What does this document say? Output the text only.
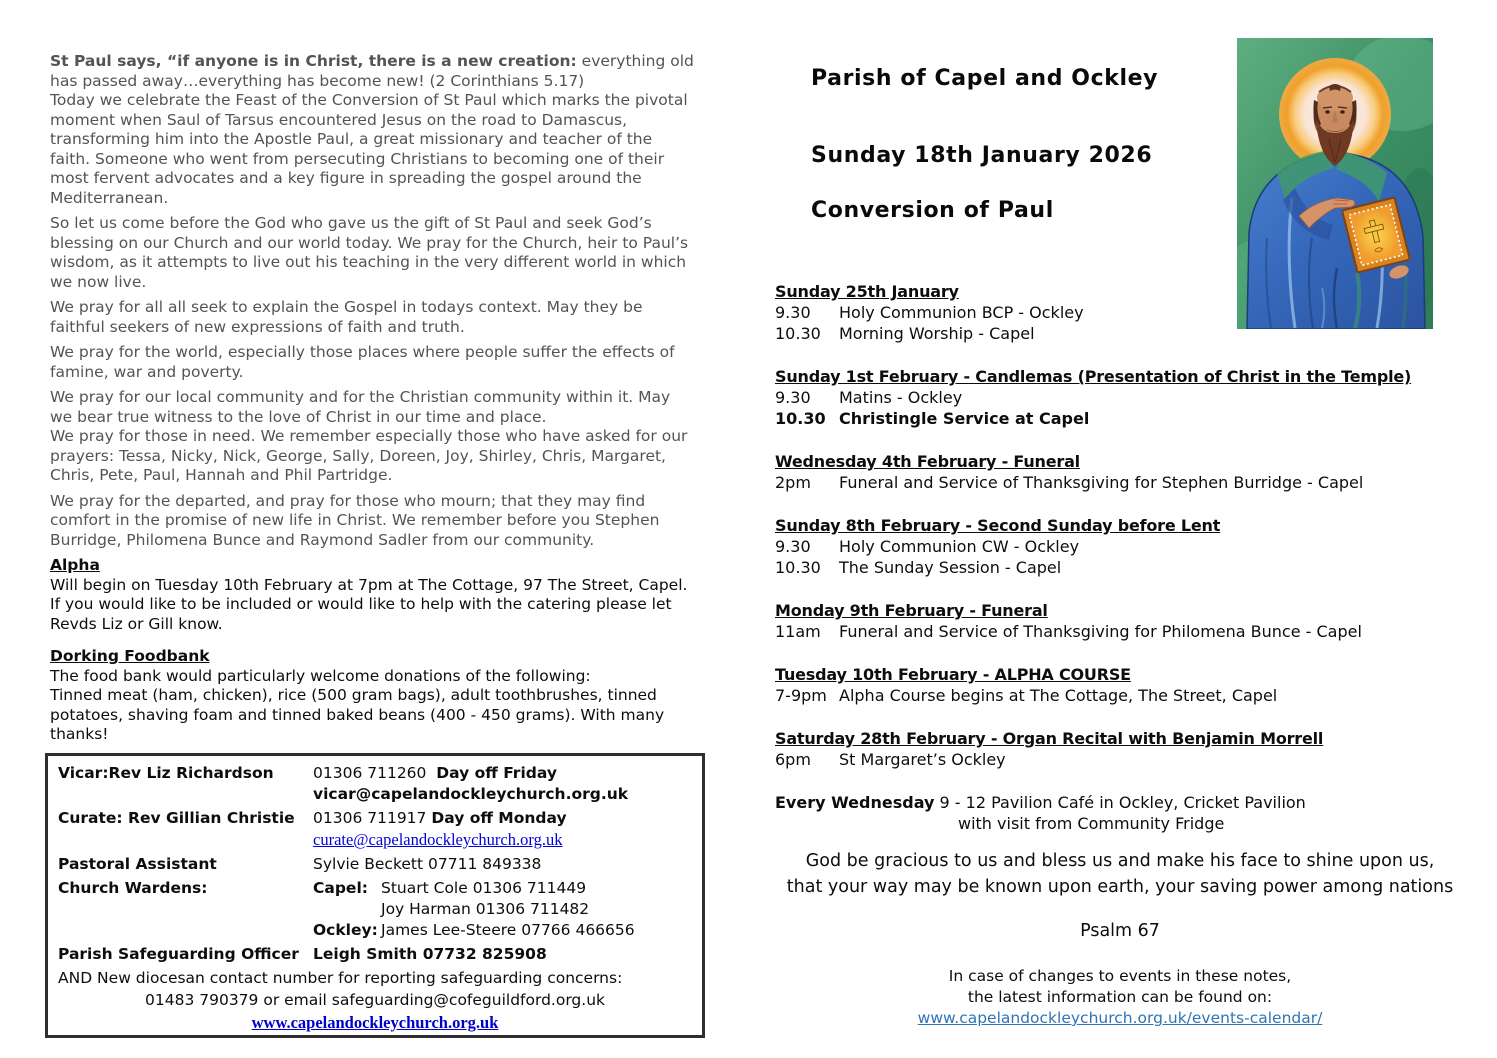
St Paul says, “if anyone is in Christ, there is a new creation: everything old has passed away…everything has become new! (2 Corinthians 5.17)
Today we celebrate the Feast of the Conversion of St Paul which marks the pivotal moment when Saul of Tarsus encountered Jesus on the road to Damascus, transforming him into the Apostle Paul, a great missionary and teacher of the faith. Someone who went from persecuting Christians to becoming one of their most fervent advocates and a key figure in spreading the gospel around the Mediterranean.

So let us come before the God who gave us the gift of St Paul and seek God’s blessing on our Church and our world today. We pray for the Church, heir to Paul’s wisdom, as it attempts to live out his teaching in the very different world in which we now live.

We pray for all all seek to explain the Gospel in todays context. May they be faithful seekers of new expressions of faith and truth.

We pray for the world, especially those places where people suffer the effects of famine, war and poverty.

We pray for our local community and for the Christian community within it. May we bear true witness to the love of Christ in our time and place.

We pray for those in need. We remember especially those who have asked for our prayers: Tessa, Nicky, Nick, George, Sally, Doreen, Joy, Shirley, Chris, Margaret, Chris, Pete, Paul, Hannah and Phil Partridge.

We pray for the departed, and pray for those who mourn; that they may find comfort in the promise of new life in Christ. We remember before you Stephen Burridge, Philomena Bunce and Raymond Sadler from our community.

Alpha

Will begin on Tuesday 10th February at 7pm at The Cottage, 97 The Street, Capel. If you would like to be included or would like to help with the catering please let Revds Liz or Gill know.

Dorking Foodbank

The food bank would particularly welcome donations of the following:

Tinned meat (ham, chicken), rice (500 gram bags), adult toothbrushes, tinned potatoes, shaving foam and tinned baked beans (400 - 450 grams). With many thanks!

Vicar:Rev Liz Richardson	01306 711260 Day off Friday
vicar@capelandockleychurch.org.uk
Curate: Rev Gillian Christie	01306 711917 Day off Monday
curate@capelandockleychurch.org.uk
Pastoral Assistant	Sylvie Beckett 07711 849338
Church Wardens:	Capel: Stuart Cole 01306 711449
Joy Harman 01306 711482
Ockley: James Lee-Steere 07766 466656
Parish Safeguarding Officer Leigh Smith 07732 825908
AND New diocesan contact number for reporting safeguarding concerns:
01483 790379 or email safeguarding@cofeguildford.org.uk
www.capelandockleychurch.org.uk
Parish of Capel and Ockley
Sunday 18th January 2026
Conversion of Paul
Sunday 25th January
9.30	Holy Communion BCP - Ockley
10.30	Morning Worship - Capel
Sunday 1st February - Candlemas (Presentation of Christ in the Temple)
9.30	Matins - Ockley
10.30 Christingle Service at Capel
Wednesday 4th February - Funeral
2pm	Funeral and Service of Thanksgiving for Stephen Burridge - Capel
Sunday 8th February - Second Sunday before Lent
9.30	Holy Communion CW - Ockley
10.30	The Sunday Session - Capel
Monday 9th February - Funeral
11am	Funeral and Service of Thanksgiving for Philomena Bunce - Capel
Tuesday 10th February - ALPHA COURSE
7-9pm Alpha Course begins at The Cottage, The Street, Capel
Saturday 28th February - Organ Recital with Benjamin Morrell
6pm	St Margaret’s Ockley
Every Wednesday 9 - 12 Pavilion Café in Ockley, Cricket Pavilion
with visit from Community Fridge
God be gracious to us and bless us and make his face to shine upon us,
that your way may be known upon earth, your saving power among nations
Psalm 67
In case of changes to events in these notes,
the latest information can be found on:
www.capelandockleychurch.org.uk/events-calendar/
